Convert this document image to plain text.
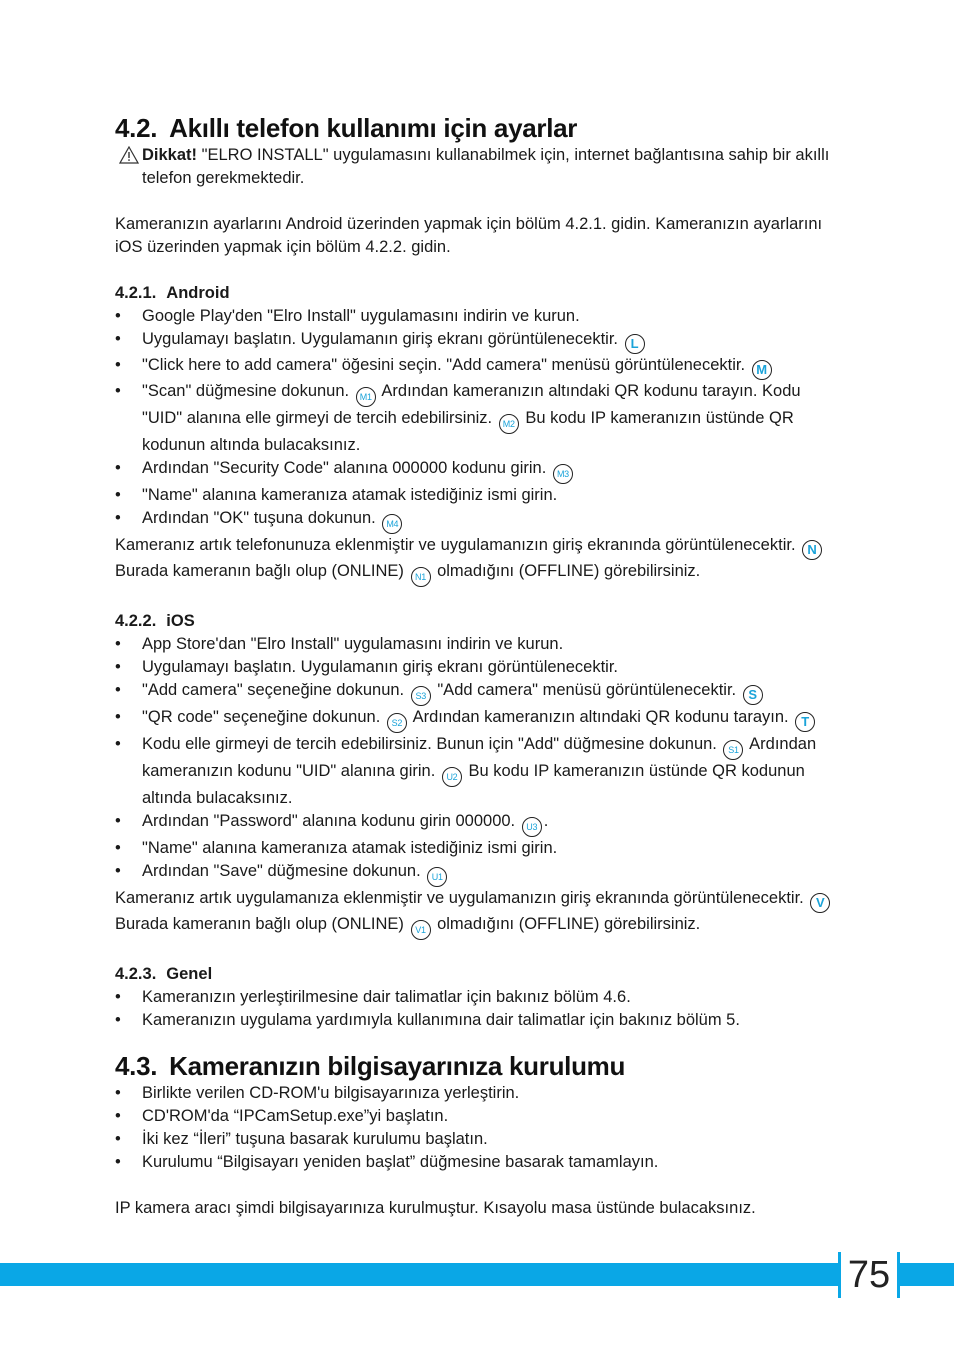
4.2. Akıllı telefon kullanımı için ayarlar

Dikkat! "ELRO INSTALL" uygulamasını kullanabilmek için, internet bağlantısına sahip bir akıllı telefon gerekmektedir.

Kameranızın ayarlarını Android üzerinden yapmak için bölüm 4.2.1. gidin. Kameranızın ayarlarını iOS üzerinden yapmak için bölüm 4.2.2. gidin.

4.2.1. Android
• Google Play'den "Elro Install" uygulamasını indirin ve kurun.
• Uygulamayı başlatın. Uygulamanın giriş ekranı görüntülenecektir. L
• "Click here to add camera" öğesini seçin. "Add camera" menüsü görüntülenecektir. M
• "Scan" düğmesine dokunun. M1 Ardından kameranızın altındaki QR kodunu tarayın. Kodu "UID" alanına elle girmeyi de tercih edebilirsiniz. M2 Bu kodu IP kameranızın üstünde QR kodunun altında bulacaksınız.
• Ardından "Security Code" alanına 000000 kodunu girin. M3
• "Name" alanına kameranıza atamak istediğiniz ismi girin.
• Ardından "OK" tuşuna dokunun. M4

Kameranız artık telefonunuza eklenmiştir ve uygulamanızın giriş ekranında görüntülenecektir. N Burada kameranın bağlı olup (ONLINE) N1 olmadığını (OFFLINE) görebilirsiniz.

4.2.2. iOS
• App Store'dan "Elro Install" uygulamasını indirin ve kurun.
• Uygulamayı başlatın. Uygulamanın giriş ekranı görüntülenecektir.
• "Add camera" seçeneğine dokunun. S3 "Add camera" menüsü görüntülenecektir. S
• "QR code" seçeneğine dokunun. S2 Ardından kameranızın altındaki QR kodunu tarayın. T
• Kodu elle girmeyi de tercih edebilirsiniz. Bunun için "Add" düğmesine dokunun. S1 Ardından kameranızın kodunu "UID" alanına girin. U2 Bu kodu IP kameranızın üstünde QR kodunun altında bulacaksınız.
• Ardından "Password" alanına kodunu girin 000000. U3 .
• "Name" alanına kameranıza atamak istediğiniz ismi girin.
• Ardından "Save" düğmesine dokunun. U1

Kameranız artık uygulamanıza eklenmiştir ve uygulamanızın giriş ekranında görüntülenecektir. V Burada kameranın bağlı olup (ONLINE) V1 olmadığını (OFFLINE) görebilirsiniz.

4.2.3. Genel
• Kameranızın yerleştirilmesine dair talimatlar için bakınız bölüm 4.6.
• Kameranızın uygulama yardımıyla kullanımına dair talimatlar için bakınız bölüm 5.
4.3. Kameranızın bilgisayarınıza kurulumu
• Birlikte verilen CD-ROM'u bilgisayarınıza yerleştirin.
• CD'ROM'da “IPCamSetup.exe”yi başlatın.
• İki kez “İleri” tuşuna basarak kurulumu başlatın.
• Kurulumu “Bilgisayarı yeniden başlat” düğmesine basarak tamamlayın.

IP kamera aracı şimdi bilgisayarınıza kurulmuştur. Kısayolu masa üstünde bulacaksınız.

75
